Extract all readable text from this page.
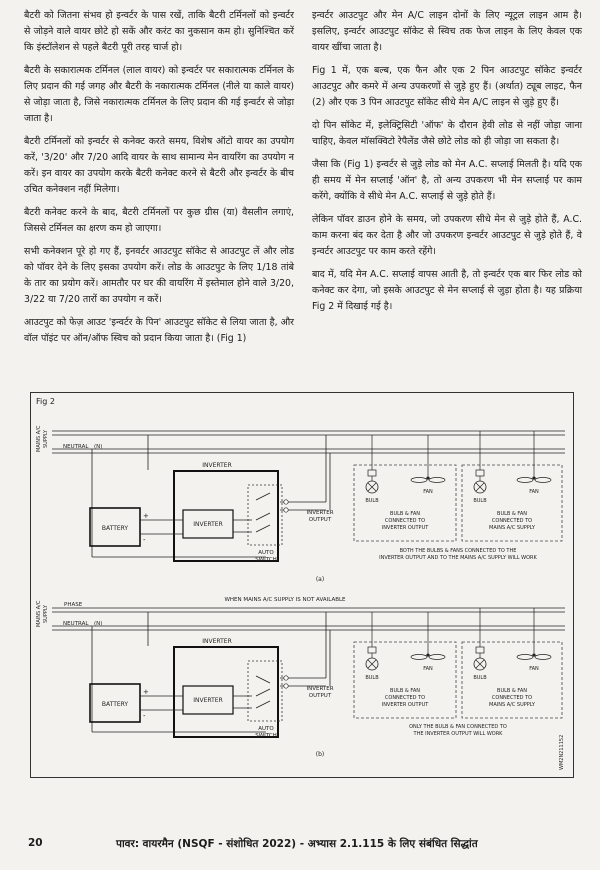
बैटरी को जितना संभव हो इन्वर्टर के पास रखें, ताकि बैटरी टर्मिनलों को इन्वर्टर से जोड़ने वाले वायर छोटे हो सकें और करंट का नुकसान कम हो। सुनिश्चित करें कि इंस्टॉलेशन से पहले बैटरी पूरी तरह चार्ज हो।

बैटरी के सकारात्मक टर्मिनल (लाल वायर) को इन्वर्टर पर सकारात्मक टर्मिनल के लिए प्रदान की गई जगह और बैटरी के नकारात्मक टर्मिनल (नीले या काले वायर) से जोड़ा जाता है, जिसे नकारात्मक टर्मिनल के लिए प्रदान की गई इन्वर्टर से जोड़ा जाता है।

बैटरी टर्मिनलों को इन्वर्टर से कनेक्ट करते समय, विशेष ऑटो वायर का उपयोग करें, '3/20' और 7/20 आदि वायर के साथ सामान्य मेन वायरिंग का उपयोग न करें। इन वायर का उपयोग करके बैटरी कनेक्ट करने से बैटरी और इन्वर्टर के बीच उचित कनेक्शन नहीं मिलेगा।

बैटरी कनेक्ट करने के बाद, बैटरी टर्मिनलों पर कुछ ग्रीस (या) वैसलीन लगाएं, जिससे टर्मिनल का क्षरण कम हो जाएगा।

सभी कनेक्शन पूरे हो गए हैं, इनवर्टर आउटपुट सॉकेट से आउटपुट लें और लोड को पॉवर देने के लिए इसका उपयोग करें। लोड के आउटपुट के लिए 1/18 तांबे के तार का प्रयोग करें। आमतौर पर घर की वायरिंग में इस्तेमाल होने वाले 3/20, 3/22 या 7/20 तारों का उपयोग न करें।

आउटपुट को फेज़ आउट 'इन्वर्टर के पिन' आउटपुट सॉकेट से लिया जाता है, और वॉल पॉइंट पर ऑन/ऑफ स्विच को प्रदान किया जाता है। (Fig 1)

इन्वर्टर आउटपुट और मेन A/C लाइन दोनों के लिए न्यूट्रल लाइन आम है। इसलिए, इन्वर्टर आउटपुट सॉकेट से स्विच तक फेज लाइन के लिए केवल एक वायर खींचा जाता है।

Fig 1 में, एक बल्ब, एक फैन और एक 2 पिन आउटपुट सॉकेट इन्वर्टर आउटपुट और कमरे में अन्य उपकरणों से जुड़े हुए हैं। (अर्थात) ट्यूब लाइट, फैन (2) और एक 3 पिन आउटपुट सॉकेट सीधे मेन A/C लाइन से जुड़े हुए हैं।

दो पिन सॉकेट में, इलेक्ट्रिसिटी 'ऑफ' के दौरान हेवी लोड से नहीं जोड़ा जाना चाहिए, केवल मॉसक्विटो रेपैलेंड जैसे छोटे लोड को ही जोड़ा जा सकता है।

जैसा कि (Fig 1) इन्वर्टर से जुड़े लोड को मेन A.C. सप्लाई मिलती है। यदि एक ही समय में मेन सप्लाई 'ऑन' है, तो अन्य उपकरण भी मेन सप्लाई पर काम करेंगे, क्योंकि वे सीधे मेन A.C. सप्लाई से जुड़े होते हैं।

लेकिन पॉवर डाउन होने के समय, जो उपकरण सीधे मेन से जुड़े होते हैं, A.C. काम करना बंद कर देता है और जो उपकरण इन्वर्टर आउटपुट से जुड़े होते हैं, वे इन्वर्टर आउटपुट पर काम करते रहेंगे।

बाद में, यदि मेन A.C. सप्लाई वापस आती है, तो इन्वर्टर एक बार फिर लोड को कनेक्ट कर देगा, जो इसके आउटपुट से मेन सप्लाई से जुड़ा होता है। यह प्रक्रिया Fig 2 में दिखाई गई है।

Fig 2
WM2N211152
MAINS A/C SUPPLY	NEUTRAL (N)
INVERTER
BATTERY
INVERTER
+
-
AUTO
SWITCH
INVERTER
OUTPUT
BULB
FAN
BULB & FAN
CONNECTED TO
INVERTER OUTPUT
BULB
FAN
BULB & FAN
CONNECTED TO
MAINS A/C SUPPLY
BOTH THE BULBS & FANS CONNECTED TO THE
INVERTER OUTPUT AND TO THE MAINS A/C SUPPLY WILL WORK
(a)
MAINS A/C SUPPLY
WHEN MAINS A/C SUPPLY IS NOT AVAILABLE
PHASE
NEUTRAL (N)
INVERTER
BATTERY
INVERTER
+
-
AUTO
SWITCH
INVERTER
OUTPUT
BULB
FAN
BULB & FAN
CONNECTED TO
INVERTER OUTPUT
BULB
FAN
BULB & FAN
CONNECTED TO
MAINS A/C SUPPLY
ONLY THE BULB & FAN CONNECTED TO
THE INVERTER OUTPUT WILL WORK
(b)
20	पावर: वायरमैन (NSQF - संशोधित 2022) - अभ्यास 2.1.115 के लिए संबंधित सिद्धांत
